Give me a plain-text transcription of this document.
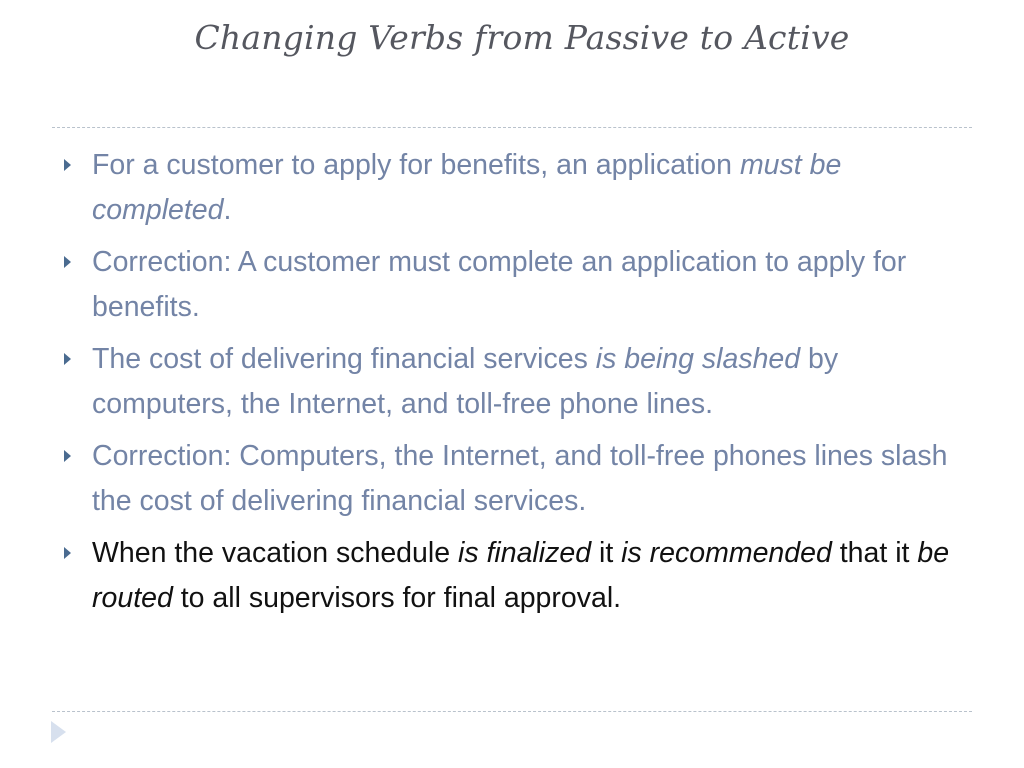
Changing Verbs from Passive to Active
For a customer to apply for benefits, an application must be completed.
Correction: A customer must complete an application to apply for benefits.
The cost of delivering financial services is being slashed by computers, the Internet, and toll-free phone lines.
Correction: Computers, the Internet, and toll-free phones lines slash the cost of delivering financial services.
When the vacation schedule is finalized it is recommended that it be routed to all supervisors for final approval.
